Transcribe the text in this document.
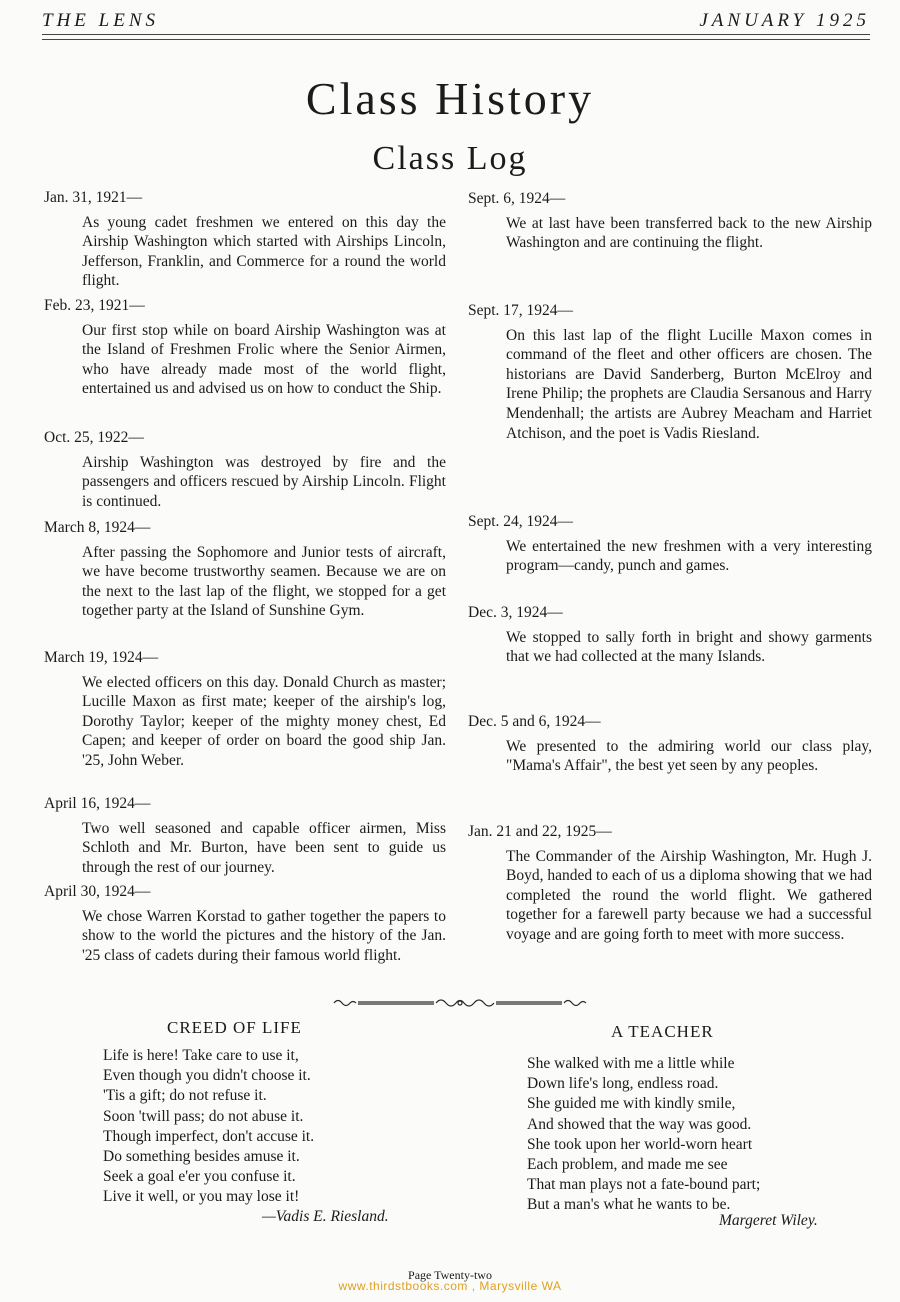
THE LENS	JANUARY 1925
Class History
Class Log
Jan. 31, 1921—
As young cadet freshmen we entered on this day the Airship Washington which started with Airships Lincoln, Jefferson, Franklin, and Commerce for a round the world flight.
Feb. 23, 1921—
Our first stop while on board Airship Washington was at the Island of Freshmen Frolic where the Senior Airmen, who have already made most of the world flight, entertained us and advised us on how to conduct the Ship.
Oct. 25, 1922—
Airship Washington was destroyed by fire and the passengers and officers rescued by Airship Lincoln. Flight is continued.
March 8, 1924—
After passing the Sophomore and Junior tests of aircraft, we have become trustworthy seamen. Because we are on the next to the last lap of the flight, we stopped for a get together party at the Island of Sunshine Gym.
March 19, 1924—
We elected officers on this day. Donald Church as master; Lucille Maxon as first mate; keeper of the airship's log, Dorothy Taylor; keeper of the mighty money chest, Ed Capen; and keeper of order on board the good ship Jan. '25, John Weber.
April 16, 1924—
Two well seasoned and capable officer airmen, Miss Schloth and Mr. Burton, have been sent to guide us through the rest of our journey.
April 30, 1924—
We chose Warren Korstad to gather together the papers to show to the world the pictures and the history of the Jan. '25 class of cadets during their famous world flight.
Sept. 6, 1924—
We at last have been transferred back to the new Airship Washington and are continuing the flight.
Sept. 17, 1924—
On this last lap of the flight Lucille Maxon comes in command of the fleet and other officers are chosen. The historians are David Sanderberg, Burton McElroy and Irene Philip; the prophets are Claudia Sersanous and Harry Mendenhall; the artists are Aubrey Meacham and Harriet Atchison, and the poet is Vadis Riesland.
Sept. 24, 1924—
We entertained the new freshmen with a very interesting program—candy, punch and games.
Dec. 3, 1924—
We stopped to sally forth in bright and showy garments that we had collected at the many Islands.
Dec. 5 and 6, 1924—
We presented to the admiring world our class play, "Mama's Affair", the best yet seen by any peoples.
Jan. 21 and 22, 1925—
The Commander of the Airship Washington, Mr. Hugh J. Boyd, handed to each of us a diploma showing that we had completed the round the world flight. We gathered together for a farewell party because we had a successful voyage and are going forth to meet with more success.
CREED OF LIFE
Life is here! Take care to use it,
Even though you didn't choose it.
'Tis a gift; do not refuse it.
Soon 'twill pass; do not abuse it.
Though imperfect, don't accuse it.
Do something besides amuse it.
Seek a goal e'er you confuse it.
Live it well, or you may lose it!
—Vadis E. Riesland.
A TEACHER
She walked with me a little while
Down life's long, endless road.
She guided me with kindly smile,
And showed that the way was good.
She took upon her world-worn heart
Each problem, and made me see
That man plays not a fate-bound part;
But a man's what he wants to be.
Margeret Wiley.
Page Twenty-two
www.thirdstbooks.com , Marysville WA
